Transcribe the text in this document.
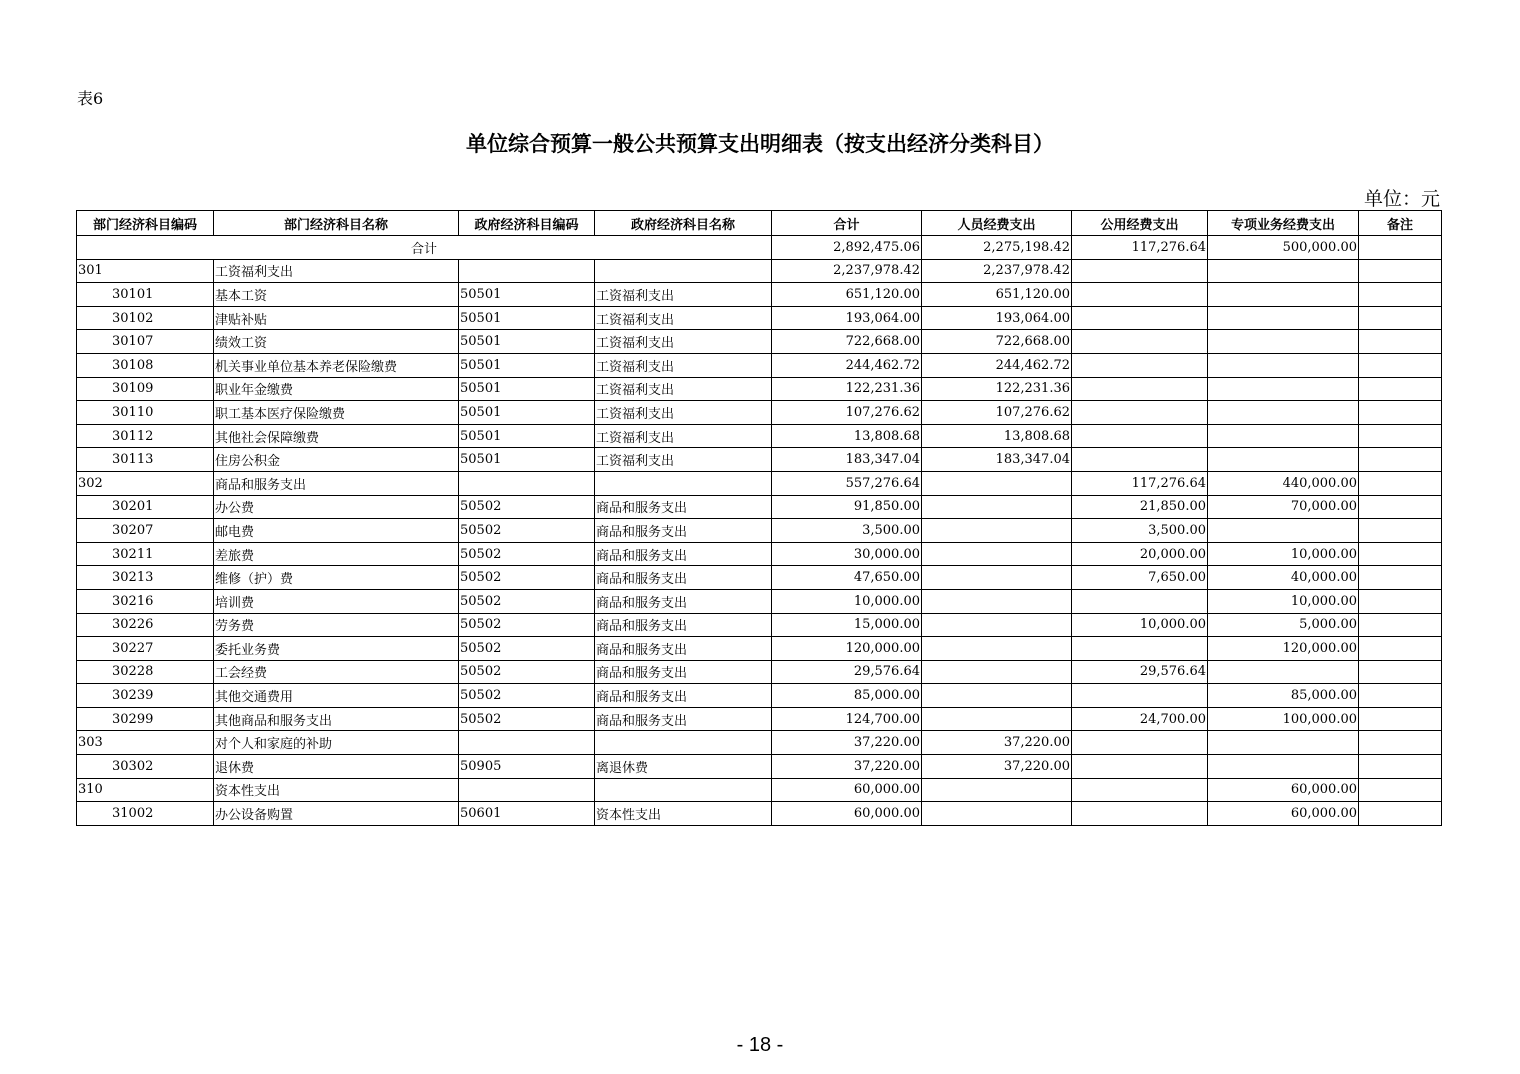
表6
单位综合预算一般公共预算支出明细表（按支出经济分类科目）
单位：元
部门经济科目编码	部门经济科目名称	政府经济科目编码	政府经济科目名称	合计	人员经费支出	公用经费支出	专项业务经费支出	备注
合计				2,892,475.06	2,275,198.42	117,276.64	500,000.00	
301	工资福利支出			2,237,978.42	2,237,978.42			
30101	基本工资	50501	工资福利支出	651,120.00	651,120.00			
30102	津贴补贴	50501	工资福利支出	193,064.00	193,064.00			
30107	绩效工资	50501	工资福利支出	722,668.00	722,668.00			
30108	机关事业单位基本养老保险缴费	50501	工资福利支出	244,462.72	244,462.72			
30109	职业年金缴费	50501	工资福利支出	122,231.36	122,231.36			
30110	职工基本医疗保险缴费	50501	工资福利支出	107,276.62	107,276.62			
30112	其他社会保障缴费	50501	工资福利支出	13,808.68	13,808.68			
30113	住房公积金	50501	工资福利支出	183,347.04	183,347.04			
302	商品和服务支出			557,276.64		117,276.64	440,000.00	
30201	办公费	50502	商品和服务支出	91,850.00		21,850.00	70,000.00	
30207	邮电费	50502	商品和服务支出	3,500.00		3,500.00		
30211	差旅费	50502	商品和服务支出	30,000.00		20,000.00	10,000.00	
30213	维修（护）费	50502	商品和服务支出	47,650.00		7,650.00	40,000.00	
30216	培训费	50502	商品和服务支出	10,000.00			10,000.00	
30226	劳务费	50502	商品和服务支出	15,000.00		10,000.00	5,000.00	
30227	委托业务费	50502	商品和服务支出	120,000.00			120,000.00	
30228	工会经费	50502	商品和服务支出	29,576.64		29,576.64		
30239	其他交通费用	50502	商品和服务支出	85,000.00			85,000.00	
30299	其他商品和服务支出	50502	商品和服务支出	124,700.00		24,700.00	100,000.00	
303	对个人和家庭的补助			37,220.00	37,220.00			
30302	退休费	50905	离退休费	37,220.00	37,220.00			
310	资本性支出			60,000.00			60,000.00	
31002	办公设备购置	50601	资本性支出	60,000.00			60,000.00	
- 18 -
